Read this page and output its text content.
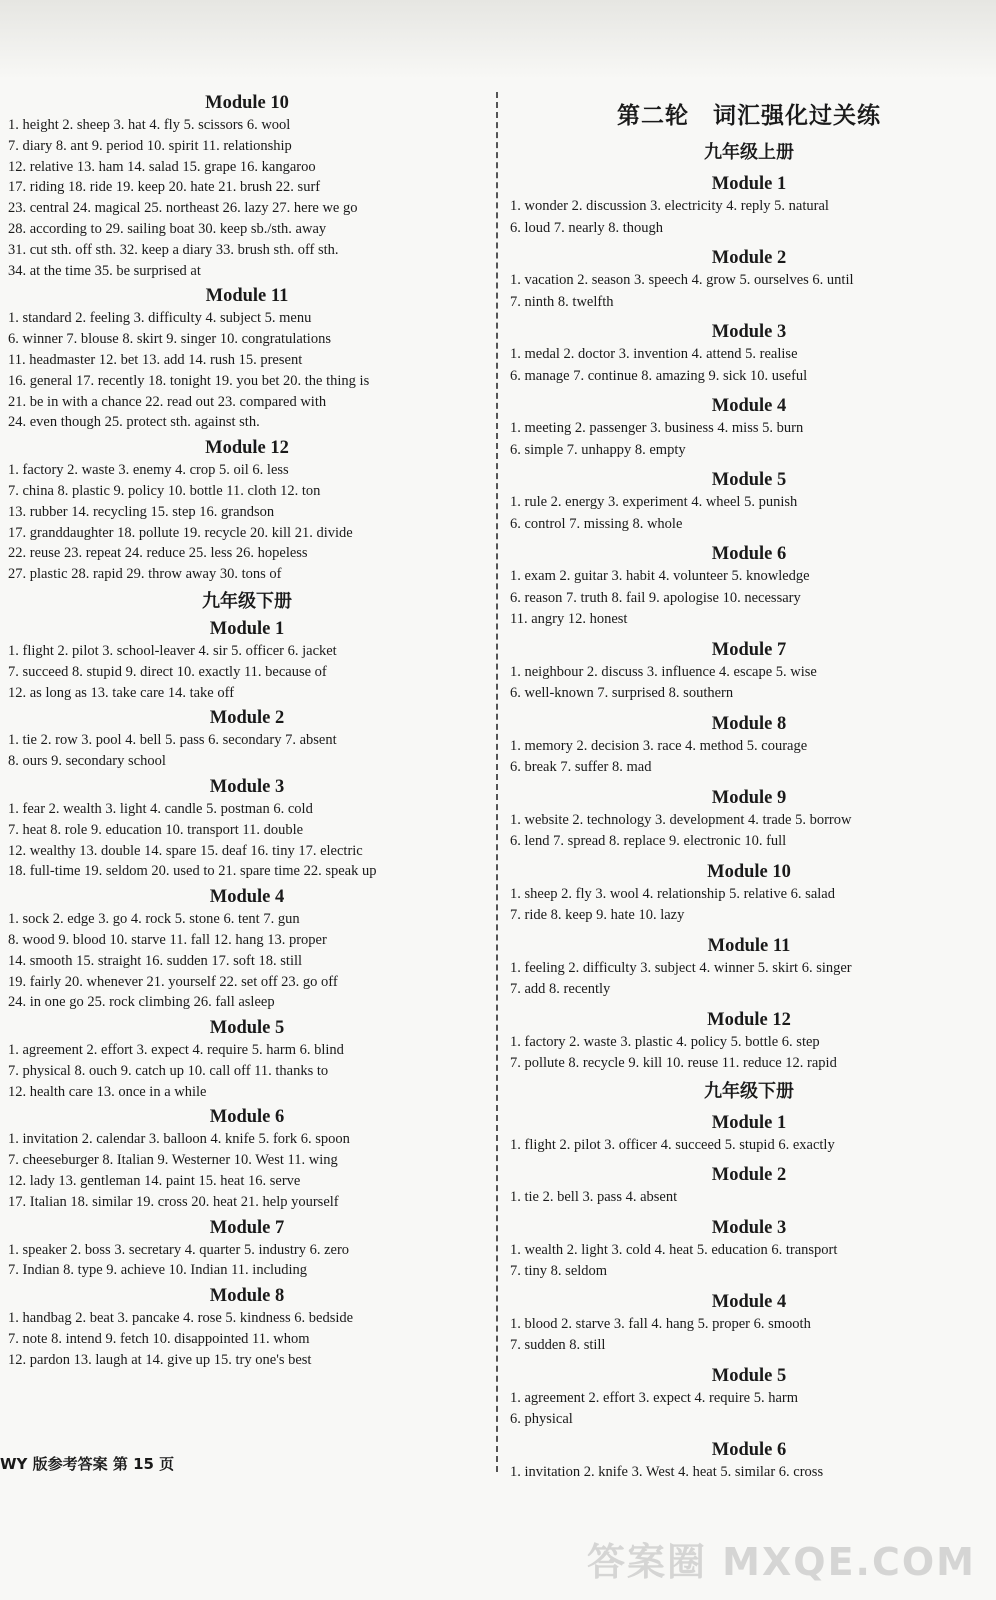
Module 10
1. height 2. sheep 3. hat 4. fly 5. scissors 6. wool
7. diary 8. ant 9. period 10. spirit 11. relationship
12. relative 13. ham 14. salad 15. grape 16. kangaroo
17. riding 18. ride 19. keep 20. hate 21. brush 22. surf
23. central 24. magical 25. northeast 26. lazy 27. here we go
28. according to 29. sailing boat 30. keep sb./sth. away
31. cut sth. off sth. 32. keep a diary 33. brush sth. off sth.
34. at the time 35. be surprised at
Module 11
1. standard 2. feeling 3. difficulty 4. subject 5. menu
6. winner 7. blouse 8. skirt 9. singer 10. congratulations
11. headmaster 12. bet 13. add 14. rush 15. present
16. general 17. recently 18. tonight 19. you bet 20. the thing is
21. be in with a chance 22. read out 23. compared with
24. even though 25. protect sth. against sth.
Module 12
1. factory 2. waste 3. enemy 4. crop 5. oil 6. less
7. china 8. plastic 9. policy 10. bottle 11. cloth 12. ton
13. rubber 14. recycling 15. step 16. grandson
17. granddaughter 18. pollute 19. recycle 20. kill 21. divide
22. reuse 23. repeat 24. reduce 25. less 26. hopeless
27. plastic 28. rapid 29. throw away 30. tons of
九年级下册
Module 1
1. flight 2. pilot 3. school-leaver 4. sir 5. officer 6. jacket
7. succeed 8. stupid 9. direct 10. exactly 11. because of
12. as long as 13. take care 14. take off
Module 2
1. tie 2. row 3. pool 4. bell 5. pass 6. secondary 7. absent
8. ours 9. secondary school
Module 3
1. fear 2. wealth 3. light 4. candle 5. postman 6. cold
7. heat 8. role 9. education 10. transport 11. double
12. wealthy 13. double 14. spare 15. deaf 16. tiny 17. electric
18. full-time 19. seldom 20. used to 21. spare time 22. speak up
Module 4
1. sock 2. edge 3. go 4. rock 5. stone 6. tent 7. gun
8. wood 9. blood 10. starve 11. fall 12. hang 13. proper
14. smooth 15. straight 16. sudden 17. soft 18. still
19. fairly 20. whenever 21. yourself 22. set off 23. go off
24. in one go 25. rock climbing 26. fall asleep
Module 5
1. agreement 2. effort 3. expect 4. require 5. harm 6. blind
7. physical 8. ouch 9. catch up 10. call off 11. thanks to
12. health care 13. once in a while
Module 6
1. invitation 2. calendar 3. balloon 4. knife 5. fork 6. spoon
7. cheeseburger 8. Italian 9. Westerner 10. West 11. wing
12. lady 13. gentleman 14. paint 15. heat 16. serve
17. Italian 18. similar 19. cross 20. heat 21. help yourself
Module 7
1. speaker 2. boss 3. secretary 4. quarter 5. industry 6. zero
7. Indian 8. type 9. achieve 10. Indian 11. including
Module 8
1. handbag 2. beat 3. pancake 4. rose 5. kindness 6. bedside
7. note 8. intend 9. fetch 10. disappointed 11. whom
12. pardon 13. laugh at 14. give up 15. try one's best
第二轮　词汇强化过关练
九年级上册
Module 1
1. wonder 2. discussion 3. electricity 4. reply 5. natural
6. loud 7. nearly 8. though
Module 2
1. vacation 2. season 3. speech 4. grow 5. ourselves 6. until
7. ninth 8. twelfth
Module 3
1. medal 2. doctor 3. invention 4. attend 5. realise
6. manage 7. continue 8. amazing 9. sick 10. useful
Module 4
1. meeting 2. passenger 3. business 4. miss 5. burn
6. simple 7. unhappy 8. empty
Module 5
1. rule 2. energy 3. experiment 4. wheel 5. punish
6. control 7. missing 8. whole
Module 6
1. exam 2. guitar 3. habit 4. volunteer 5. knowledge
6. reason 7. truth 8. fail 9. apologise 10. necessary
11. angry 12. honest
Module 7
1. neighbour 2. discuss 3. influence 4. escape 5. wise
6. well-known 7. surprised 8. southern
Module 8
1. memory 2. decision 3. race 4. method 5. courage
6. break 7. suffer 8. mad
Module 9
1. website 2. technology 3. development 4. trade 5. borrow
6. lend 7. spread 8. replace 9. electronic 10. full
Module 10
1. sheep 2. fly 3. wool 4. relationship 5. relative 6. salad
7. ride 8. keep 9. hate 10. lazy
Module 11
1. feeling 2. difficulty 3. subject 4. winner 5. skirt 6. singer
7. add 8. recently
Module 12
1. factory 2. waste 3. plastic 4. policy 5. bottle 6. step
7. pollute 8. recycle 9. kill 10. reuse 11. reduce 12. rapid
九年级下册
Module 1
1. flight 2. pilot 3. officer 4. succeed 5. stupid 6. exactly
Module 2
1. tie 2. bell 3. pass 4. absent
Module 3
1. wealth 2. light 3. cold 4. heat 5. education 6. transport
7. tiny 8. seldom
Module 4
1. blood 2. starve 3. fall 4. hang 5. proper 6. smooth
7. sudden 8. still
Module 5
1. agreement 2. effort 3. expect 4. require 5. harm
6. physical
Module 6
1. invitation 2. knife 3. West 4. heat 5. similar 6. cross
WY 版参考答案 第 15 页
答案圈 MXQE.COM
